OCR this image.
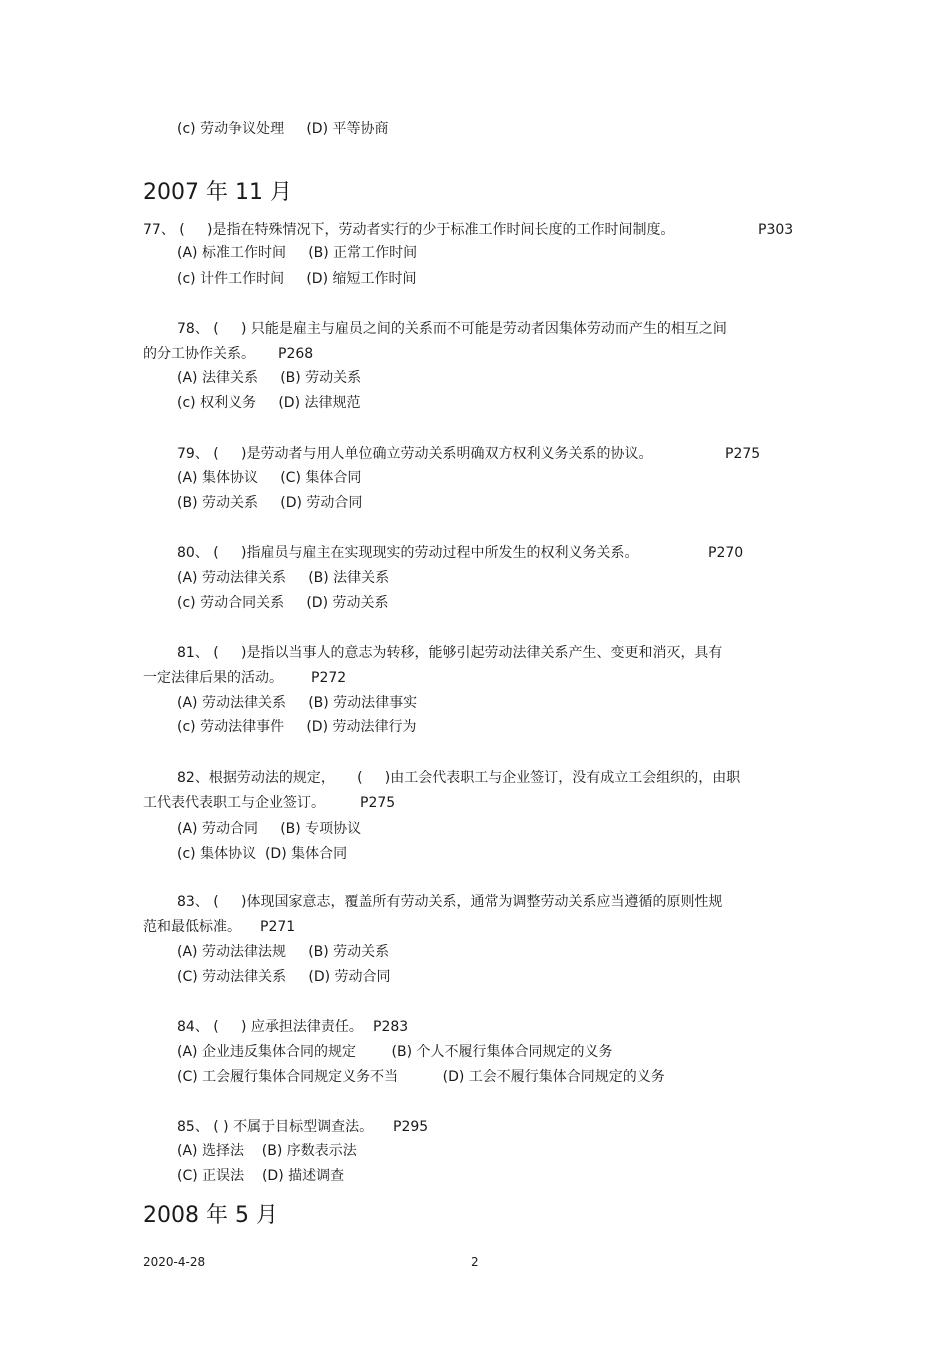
(c) 劳动争议处理     (D) 平等协商
2007 年 11 月
77、 (     )是指在特殊情况下，劳动者实行的少于标准工作时间长度的工作时间制度。	P303
(A) 标准工作时间     (B) 正常工作时间
(c) 计件工作时间     (D) 缩短工作时间
78、 (     ) 只能是雇主与雇员之间的关系而不可能是劳动者因集体劳动而产生的相互之间
的分工协作关系。 P268
(A) 法律关系     (B) 劳动关系
(c) 权利义务     (D) 法律规范
79、 (     )是劳动者与用人单位确立劳动关系明确双方权利义务关系的协议。	P275
(A) 集体协议     (C) 集体合同
(B) 劳动关系     (D) 劳动合同
80、 (     )指雇员与雇主在实现现实的劳动过程中所发生的权利义务关系。	P270
(A) 劳动法律关系     (B) 法律关系
(c) 劳动合同关系     (D) 劳动关系
81、 (     )是指以当事人的意志为转移，能够引起劳动法律关系产生、变更和消灭，具有
一定法律后果的活动。 P272
(A) 劳动法律关系     (B) 劳动法律事实
(c) 劳动法律事件     (D) 劳动法律行为
82、根据劳动法的规定，     (     )由工会代表职工与企业签订，没有成立工会组织的，由职
工代表代表职工与企业签订。	P275
(A) 劳动合同     (B) 专项协议
(c) 集体协议  (D) 集体合同
83、 (     )体现国家意志，覆盖所有劳动关系，通常为调整劳动关系应当遵循的原则性规
范和最低标准。 P271
(A) 劳动法律法规     (B) 劳动关系
(C) 劳动法律关系     (D) 劳动合同
84、 (     ) 应承担法律责任。 P283
(A) 企业违反集体合同的规定        (B) 个人不履行集体合同规定的义务
(C) 工会履行集体合同规定义务不当          (D) 工会不履行集体合同规定的义务
85、 ( ) 不属于目标型调查法。 P295
(A) 选择法    (B) 序数表示法
(C) 正误法    (D) 描述调查
2008 年 5 月
2020-4-28	2
